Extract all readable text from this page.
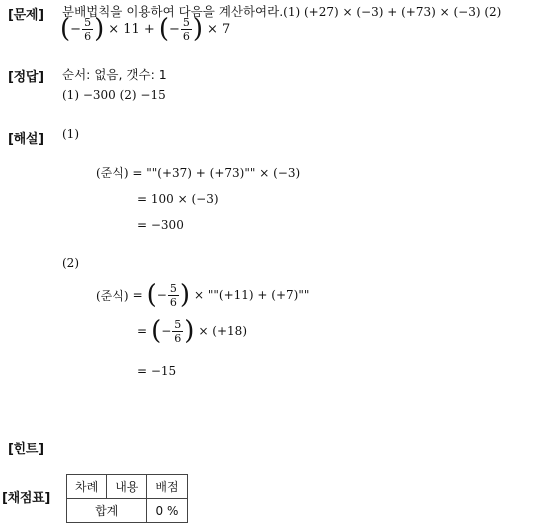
[문제] 분배법칙을 이용하여 다음을 계산하여라.(1) (+27) × (−3) + (+73) × (−3) (2)
( − $\frac{5}{6}$ ) × 11 + ( − $\frac{5}{6}$ ) × 7
[정답] 순서: 없음, 갯수: 1
(1) −300 (2) −15
[해설] (1)
(준식) = ""(+37) + (+73)"" × (−3)
= 100 × (−3)
= −300
(2)
(준식) = ( − $\frac{5}{6}$ ) × ""(+11) + (+7)""
= ( − $\frac{5}{6}$ ) × (+18)
= −15
[힌트]
[채점표]
차례	내용	배점
합계		0 %
